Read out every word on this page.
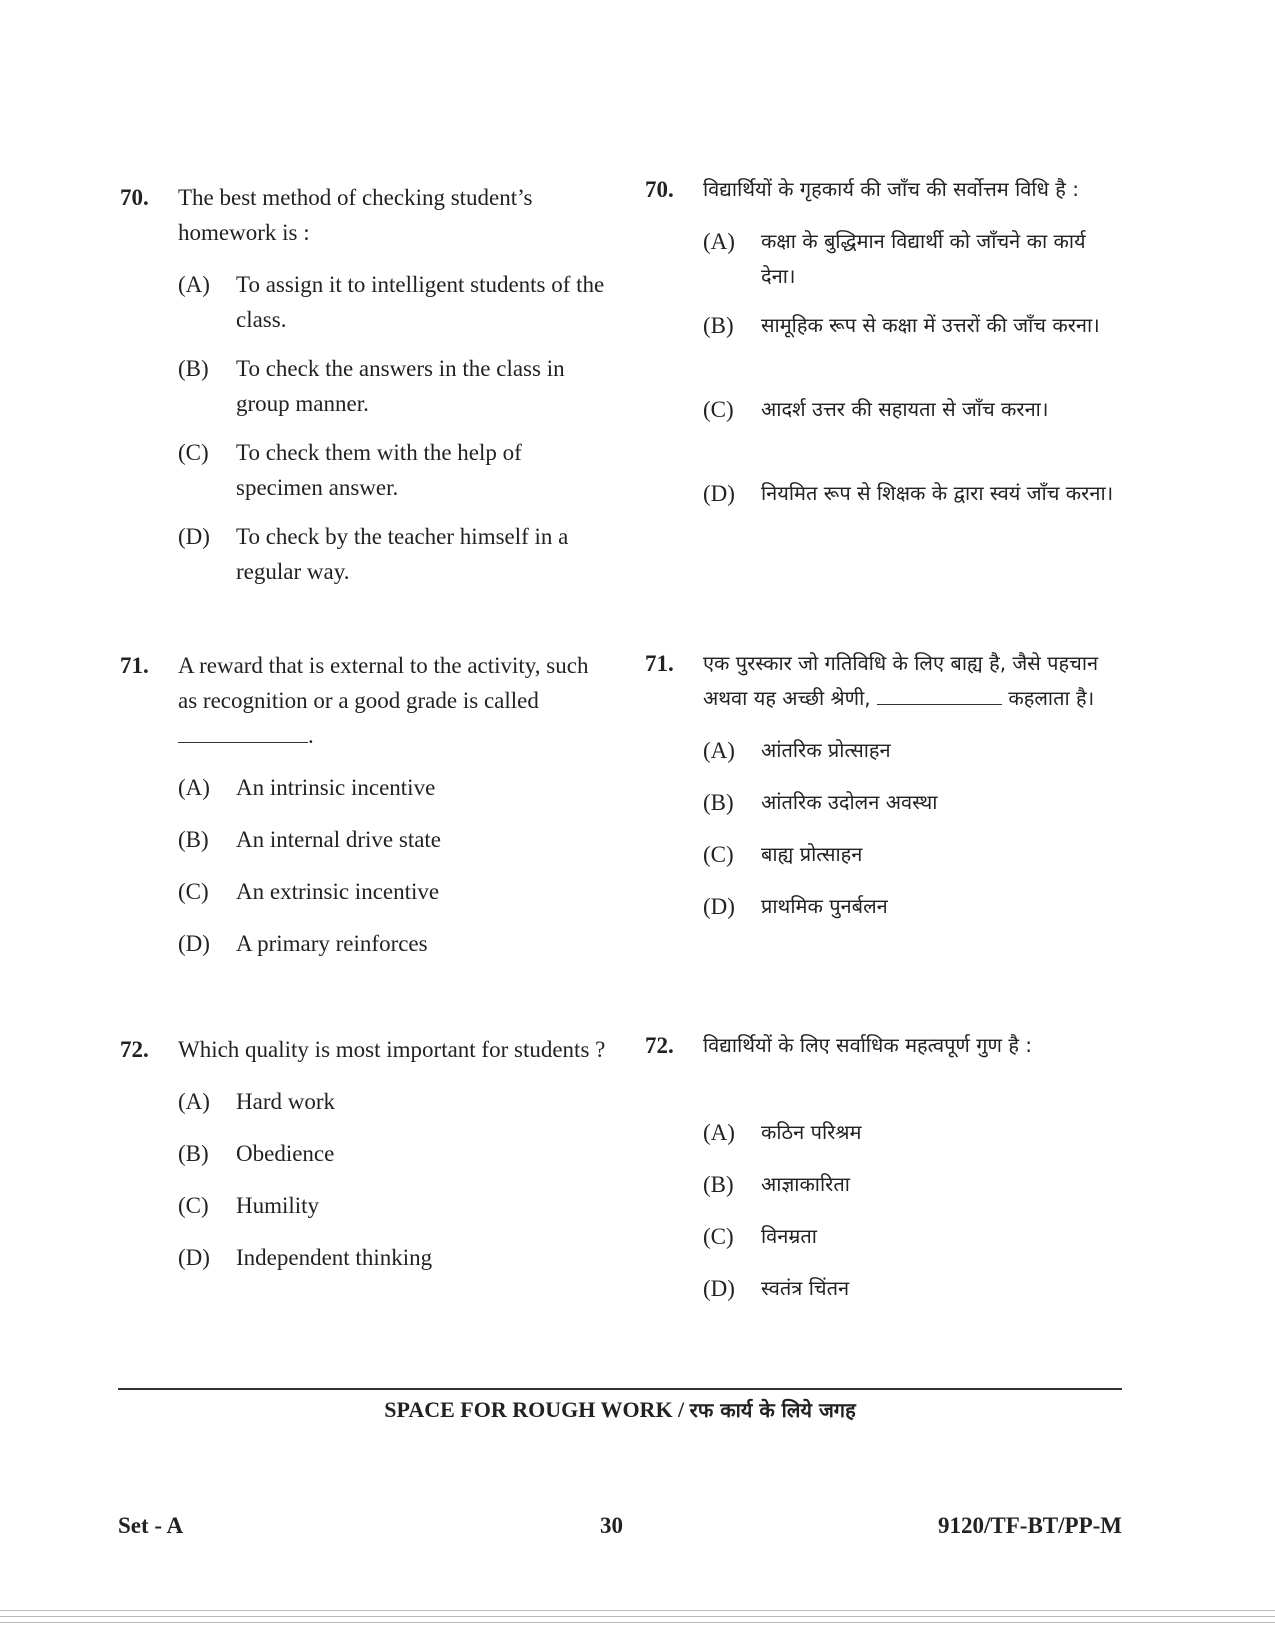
70.	The best method of checking student’s homework is :
(A)	To assign it to intelligent students of the class.
(B)	To check the answers in the class in group manner.
(C)	To check them with the help of specimen answer.
(D)	To check by the teacher himself in a regular way.
71.	A reward that is external to the activity, such as recognition or a good grade is called .
(A)	An intrinsic incentive
(B)	An internal drive state
(C)	An extrinsic incentive
(D)	A primary reinforces
72.	Which quality is most important for students ?
(A)	Hard work
(B)	Obedience
(C)	Humility
(D)	Independent thinking
70.	विद्यार्थियों के गृहकार्य की जाँच की सर्वोत्तम विधि है :
(A)	कक्षा के बुद्धिमान विद्यार्थी को जाँचने का कार्य देना।
(B)	सामूहिक रूप से कक्षा में उत्तरों की जाँच करना।
(C)	आदर्श उत्तर की सहायता से जाँच करना।
(D)	नियमित रूप से शिक्षक के द्वारा स्वयं जाँच करना।
71.	एक पुरस्कार जो गतिविधि के लिए बाह्य है, जैसे पहचान अथवा यह अच्छी श्रेणी,	कहलाता है।
(A)	आंतरिक प्रोत्साहन
(B)	आंतरिक उदोलन अवस्था
(C)	बाह्य प्रोत्साहन
(D)	प्राथमिक पुनर्बलन
72.	विद्यार्थियों के लिए सर्वाधिक महत्वपूर्ण गुण है :
(A)	कठिन परिश्रम
(B)	आज्ञाकारिता
(C)	विनम्रता
(D)	स्वतंत्र चिंतन
SPACE FOR ROUGH WORK / रफ कार्य के लिये जगह
Set - A	30	9120/TF-BT/PP-M
